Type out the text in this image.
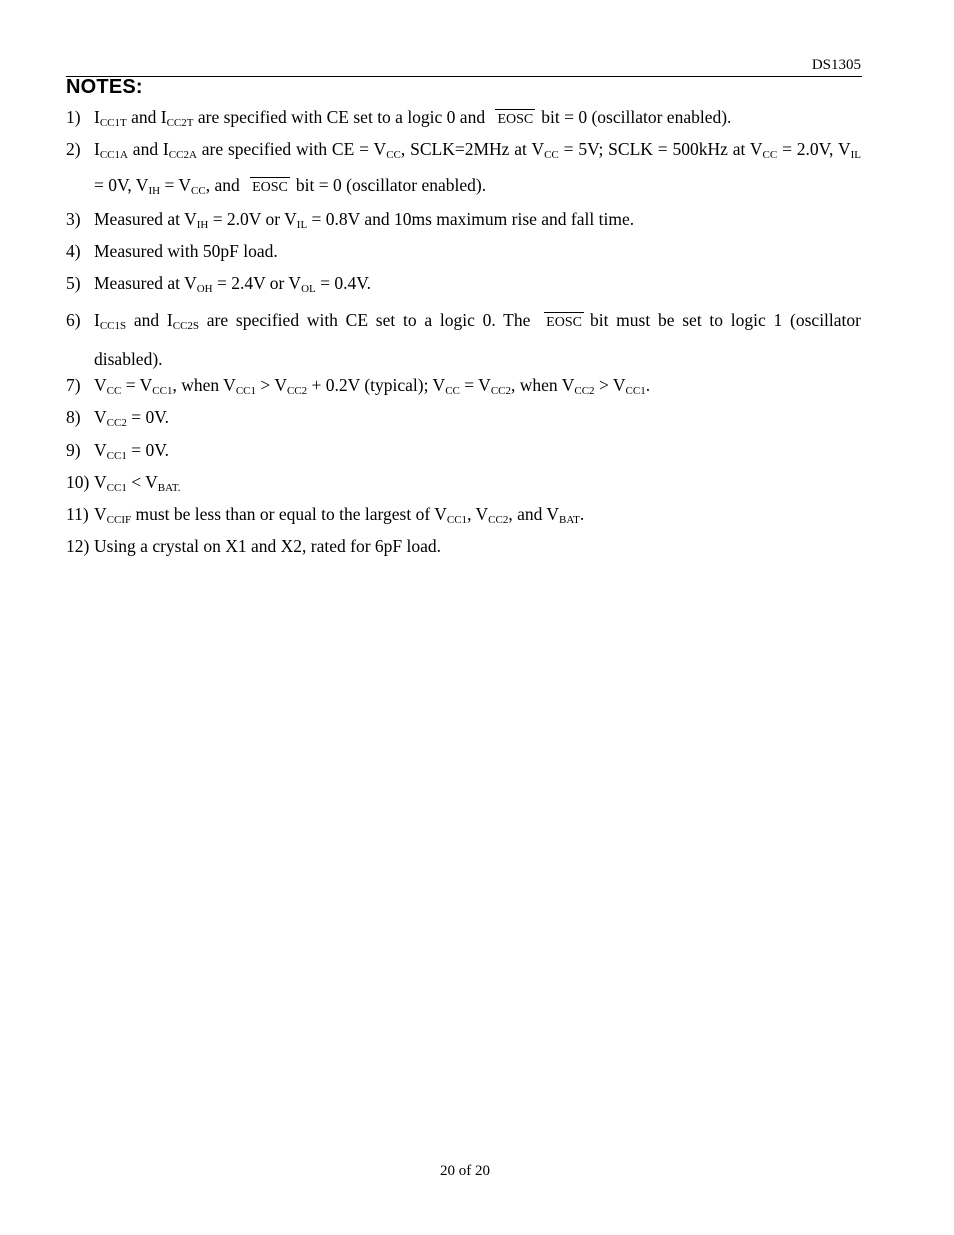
DS1305
NOTES:
1) $I_{CC1T}$ and $I_{CC2T}$ are specified with CE set to a logic 0 and EOSC bit = 0 (oscillator enabled).
2) $I_{CC1A}$ and $I_{CC2A}$ are specified with CE = $V_{CC}$, SCLK=2MHz at $V_{CC} = 5V$; SCLK = 500kHz at $V_{CC} = 2.0V$, $V_{IL} = 0V$, $V_{IH} = V_{CC}$, and EOSC bit = 0 (oscillator enabled).
3) Measured at $V_{IH} = 2.0V$ or $V_{IL} = 0.8V$ and 10ms maximum rise and fall time.
4) Measured with 50pF load.
5) Measured at $V_{OH} = 2.4V$ or $V_{OL} = 0.4V$.
6) $I_{CC1S}$ and $I_{CC2S}$ are specified with CE set to a logic 0. The EOSC bit must be set to logic 1 (oscillator disabled).
7) $V_{CC} = V_{CC1}$, when $V_{CC1} > V_{CC2} + 0.2V$ (typical); $V_{CC} = V_{CC2}$, when $V_{CC2} > V_{CC1}$.
8) $V_{CC2} = 0V$.
9) $V_{CC1} = 0V$.
10) $V_{CC1} < V_{BAT.}$
11) $V_{CCIF}$ must be less than or equal to the largest of $V_{CC1}$, $V_{CC2}$, and $V_{BAT}$.
12) Using a crystal on X1 and X2, rated for 6pF load.
20 of 20
